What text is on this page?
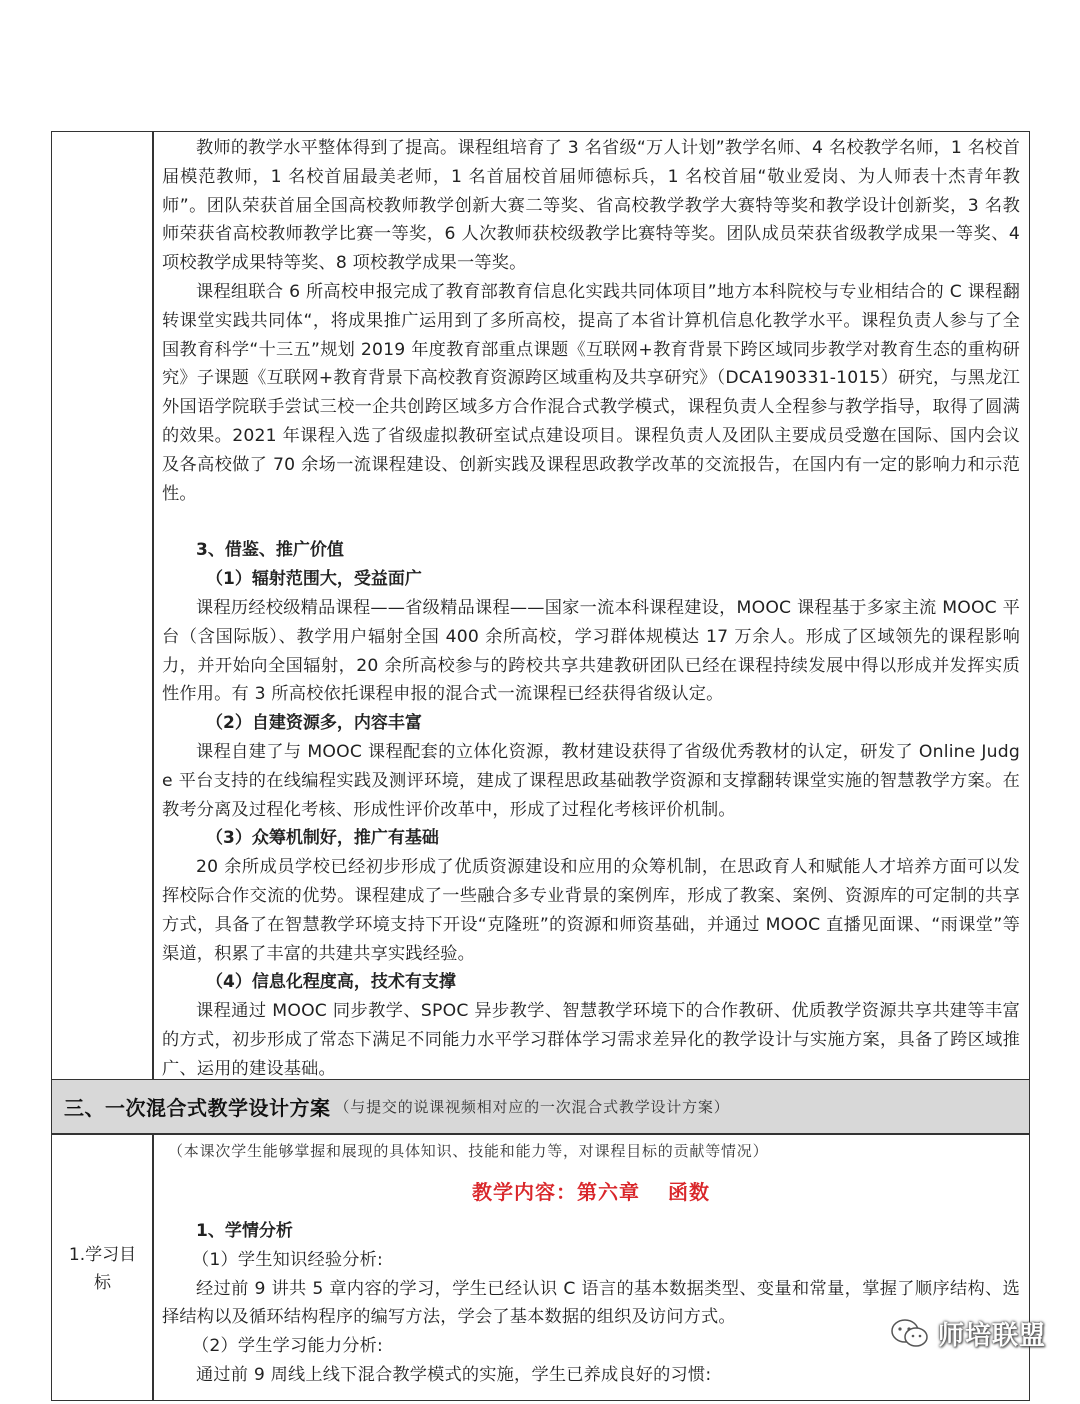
教师的教学水平整体得到了提高。课程组培育了 3 名省级“万人计划”教学名师、4 名校教学名师，1 名校首届模范教师，1 名校首届最美老师，1 名首届校首届师德标兵，1 名校首届“敬业爱岗、为人师表十杰青年教师”。团队荣获首届全国高校教师教学创新大赛二等奖、省高校教学教学大赛特等奖和教学设计创新奖，3 名教师荣获省高校教师教学比赛一等奖，6 人次教师获校级教学比赛特等奖。团队成员荣获省级教学成果一等奖、4 项校教学成果特等奖、8 项校教学成果一等奖。

课程组联合 6 所高校申报完成了教育部教育信息化实践共同体项目”地方本科院校与专业相结合的 C 课程翻转课堂实践共同体“，将成果推广运用到了多所高校，提高了本省计算机信息化教学水平。课程负责人参与了全国教育科学“十三五”规划 2019 年度教育部重点课题《互联网+教育背景下跨区域同步教学对教育生态的重构研究》子课题《互联网+教育背景下高校教育资源跨区域重构及共享研究》（DCA190331-1015）研究，与黑龙江外国语学院联手尝试三校一企共创跨区域多方合作混合式教学模式，课程负责人全程参与教学指导，取得了圆满的效果。2021 年课程入选了省级虚拟教研室试点建设项目。课程负责人及团队主要成员受邀在国际、国内会议及各高校做了 70 余场一流课程建设、创新实践及课程思政教学改革的交流报告，在国内有一定的影响力和示范性。

3、借鉴、推广价值

（1）辐射范围大，受益面广

课程历经校级精品课程——省级精品课程——国家一流本科课程建设，MOOC 课程基于多家主流 MOOC 平台（含国际版）、教学用户辐射全国 400 余所高校，学习群体规模达 17 万余人。形成了区域领先的课程影响力，并开始向全国辐射，20 余所高校参与的跨校共享共建教研团队已经在课程持续发展中得以形成并发挥实质性作用。有 3 所高校依托课程申报的混合式一流课程已经获得省级认定。

（2）自建资源多，内容丰富

课程自建了与 MOOC 课程配套的立体化资源，教材建设获得了省级优秀教材的认定，研发了 Online Judge 平台支持的在线编程实践及测评环境，建成了课程思政基础教学资源和支撑翻转课堂实施的智慧教学方案。在教考分离及过程化考核、形成性评价改革中，形成了过程化考核评价机制。

（3）众筹机制好，推广有基础

20 余所成员学校已经初步形成了优质资源建设和应用的众筹机制，在思政育人和赋能人才培养方面可以发挥校际合作交流的优势。课程建成了一些融合多专业背景的案例库，形成了教案、案例、资源库的可定制的共享方式，具备了在智慧教学环境支持下开设“克隆班”的资源和师资基础，并通过 MOOC 直播见面课、“雨课堂”等渠道，积累了丰富的共建共享实践经验。

（4）信息化程度高，技术有支撑

课程通过 MOOC 同步教学、SPOC 异步教学、智慧教学环境下的合作教研、优质教学资源共享共建等丰富的方式，初步形成了常态下满足不同能力水平学习群体学习需求差异化的教学设计与实施方案，具备了跨区域推广、运用的建设基础。

三、一次混合式教学设计方案 （与提交的说课视频相对应的一次混合式教学设计方案）
1.学习目标

（本课次学生能够掌握和展现的具体知识、技能和能力等，对课程目标的贡献等情况）

教学内容：第六章 函数

1、学情分析

（1）学生知识经验分析:

经过前 9 讲共 5 章内容的学习，学生已经认识 C 语言的基本数据类型、变量和常量，掌握了顺序结构、选择结构以及循环结构程序的编写方法，学会了基本数据的组织及访问方式。

（2）学生学习能力分析:

通过前 9 周线上线下混合教学模式的实施，学生已养成良好的习惯:

师培联盟
